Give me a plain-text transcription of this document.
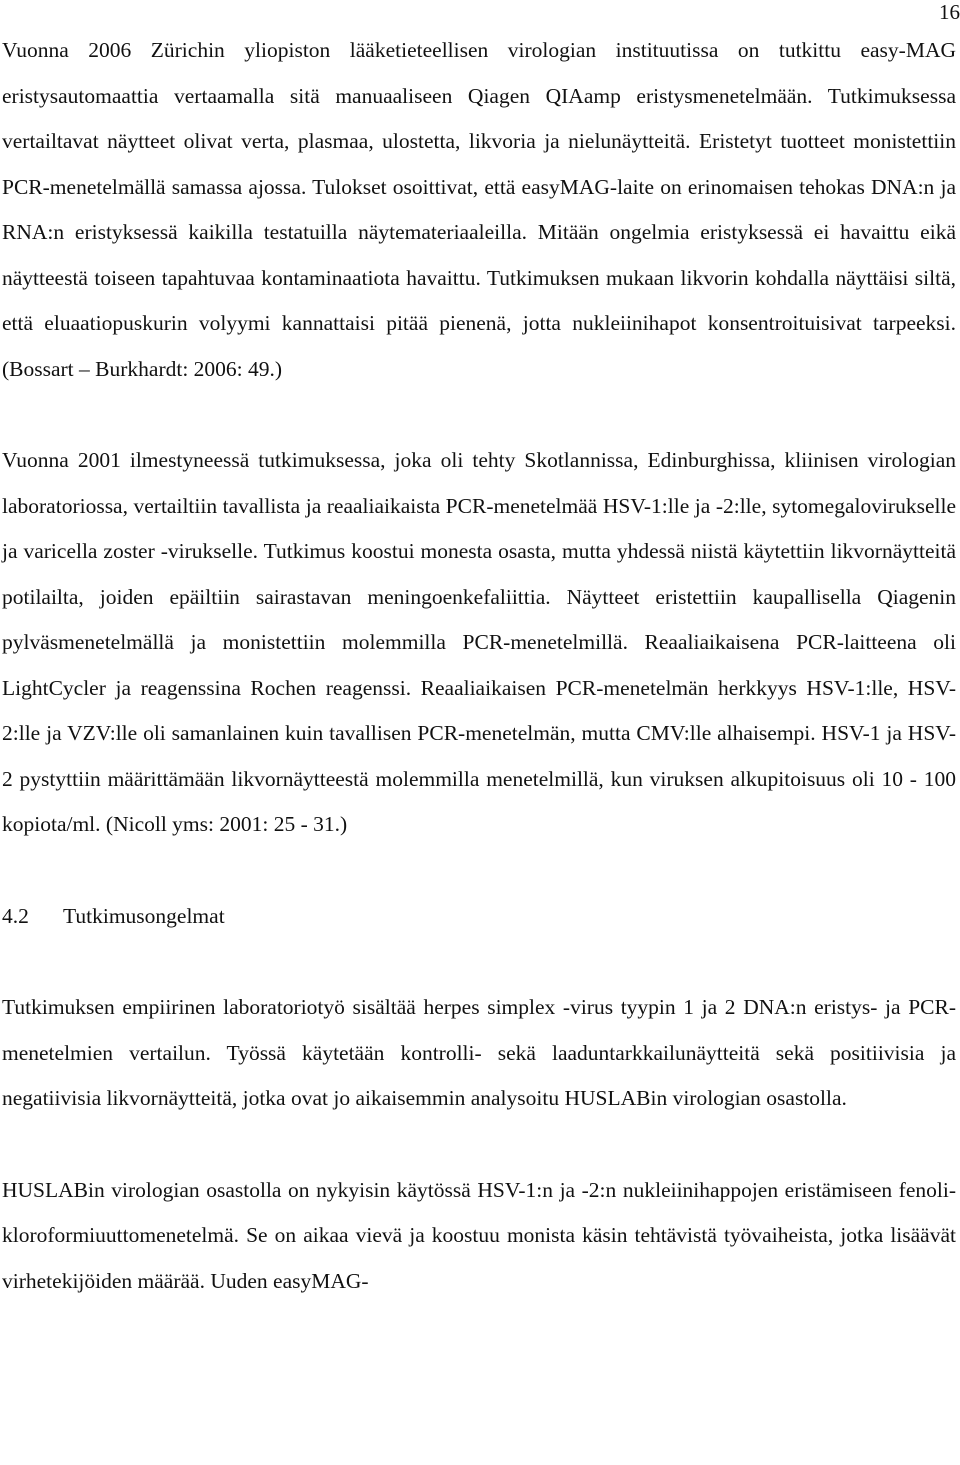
16

Vuonna 2006 Zürichin yliopiston lääketieteellisen virologian instituutissa on tutkittu easy-MAG eristysautomaattia vertaamalla sitä manuaaliseen Qiagen QIAamp eristysmenetelmään. Tutkimuksessa vertailtavat näytteet olivat verta, plasmaa, ulostetta, likvoria ja nielunäytteitä. Eristetyt tuotteet monistettiin PCR-menetelmällä samassa ajossa. Tulokset osoittivat, että easyMAG-laite on erinomaisen tehokas DNA:n ja RNA:n eristyksessä kaikilla testatuilla näytemateriaaleilla. Mitään ongelmia eristyksessä ei havaittu eikä näytteestä toiseen tapahtuvaa kontaminaatiota havaittu. Tutkimuksen mukaan likvorin kohdalla näyttäisi siltä, että eluaatiopuskurin volyymi kannattaisi pitää pienenä, jotta nukleiinihapot konsentroituisivat tarpeeksi. (Bossart – Burkhardt: 2006: 49.)

Vuonna 2001 ilmestyneessä tutkimuksessa, joka oli tehty Skotlannissa, Edinburghissa, kliinisen virologian laboratoriossa, vertailtiin tavallista ja reaaliaikaista PCR-menetelmää HSV-1:lle ja -2:lle, sytomegalovirukselle ja varicella zoster -virukselle. Tutkimus koostui monesta osasta, mutta yhdessä niistä käytettiin likvornäytteitä potilailta, joiden epäiltiin sairastavan meningoenkefaliittia. Näytteet eristettiin kaupallisella Qiagenin pylväsmenetelmällä ja monistettiin molemmilla PCR-menetelmillä. Reaaliaikaisena PCR-laitteena oli LightCycler ja reagenssina Rochen reagenssi. Reaaliaikaisen PCR-menetelmän herkkyys HSV-1:lle, HSV-2:lle ja VZV:lle oli samanlainen kuin tavallisen PCR-menetelmän, mutta CMV:lle alhaisempi. HSV-1 ja HSV-2 pystyttiin määrittämään likvornäytteestä molemmilla menetelmillä, kun viruksen alkupitoisuus oli 10 - 100 kopiota/ml. (Nicoll yms: 2001: 25 - 31.)

4.2 Tutkimusongelmat

Tutkimuksen empiirinen laboratoriotyö sisältää herpes simplex -virus tyypin 1 ja 2 DNA:n eristys- ja PCR-menetelmien vertailun. Työssä käytetään kontrolli- sekä laaduntarkkailunäytteitä sekä positiivisia ja negatiivisia likvornäytteitä, jotka ovat jo aikaisemmin analysoitu HUSLABin virologian osastolla.

HUSLABin virologian osastolla on nykyisin käytössä HSV-1:n ja -2:n nukleiinihappojen eristämiseen fenoli-kloroformiuuttomenetelmä. Se on aikaa vievä ja koostuu monista käsin tehtävistä työvaiheista, jotka lisäävät virhetekijöiden määrää. Uuden easyMAG-
